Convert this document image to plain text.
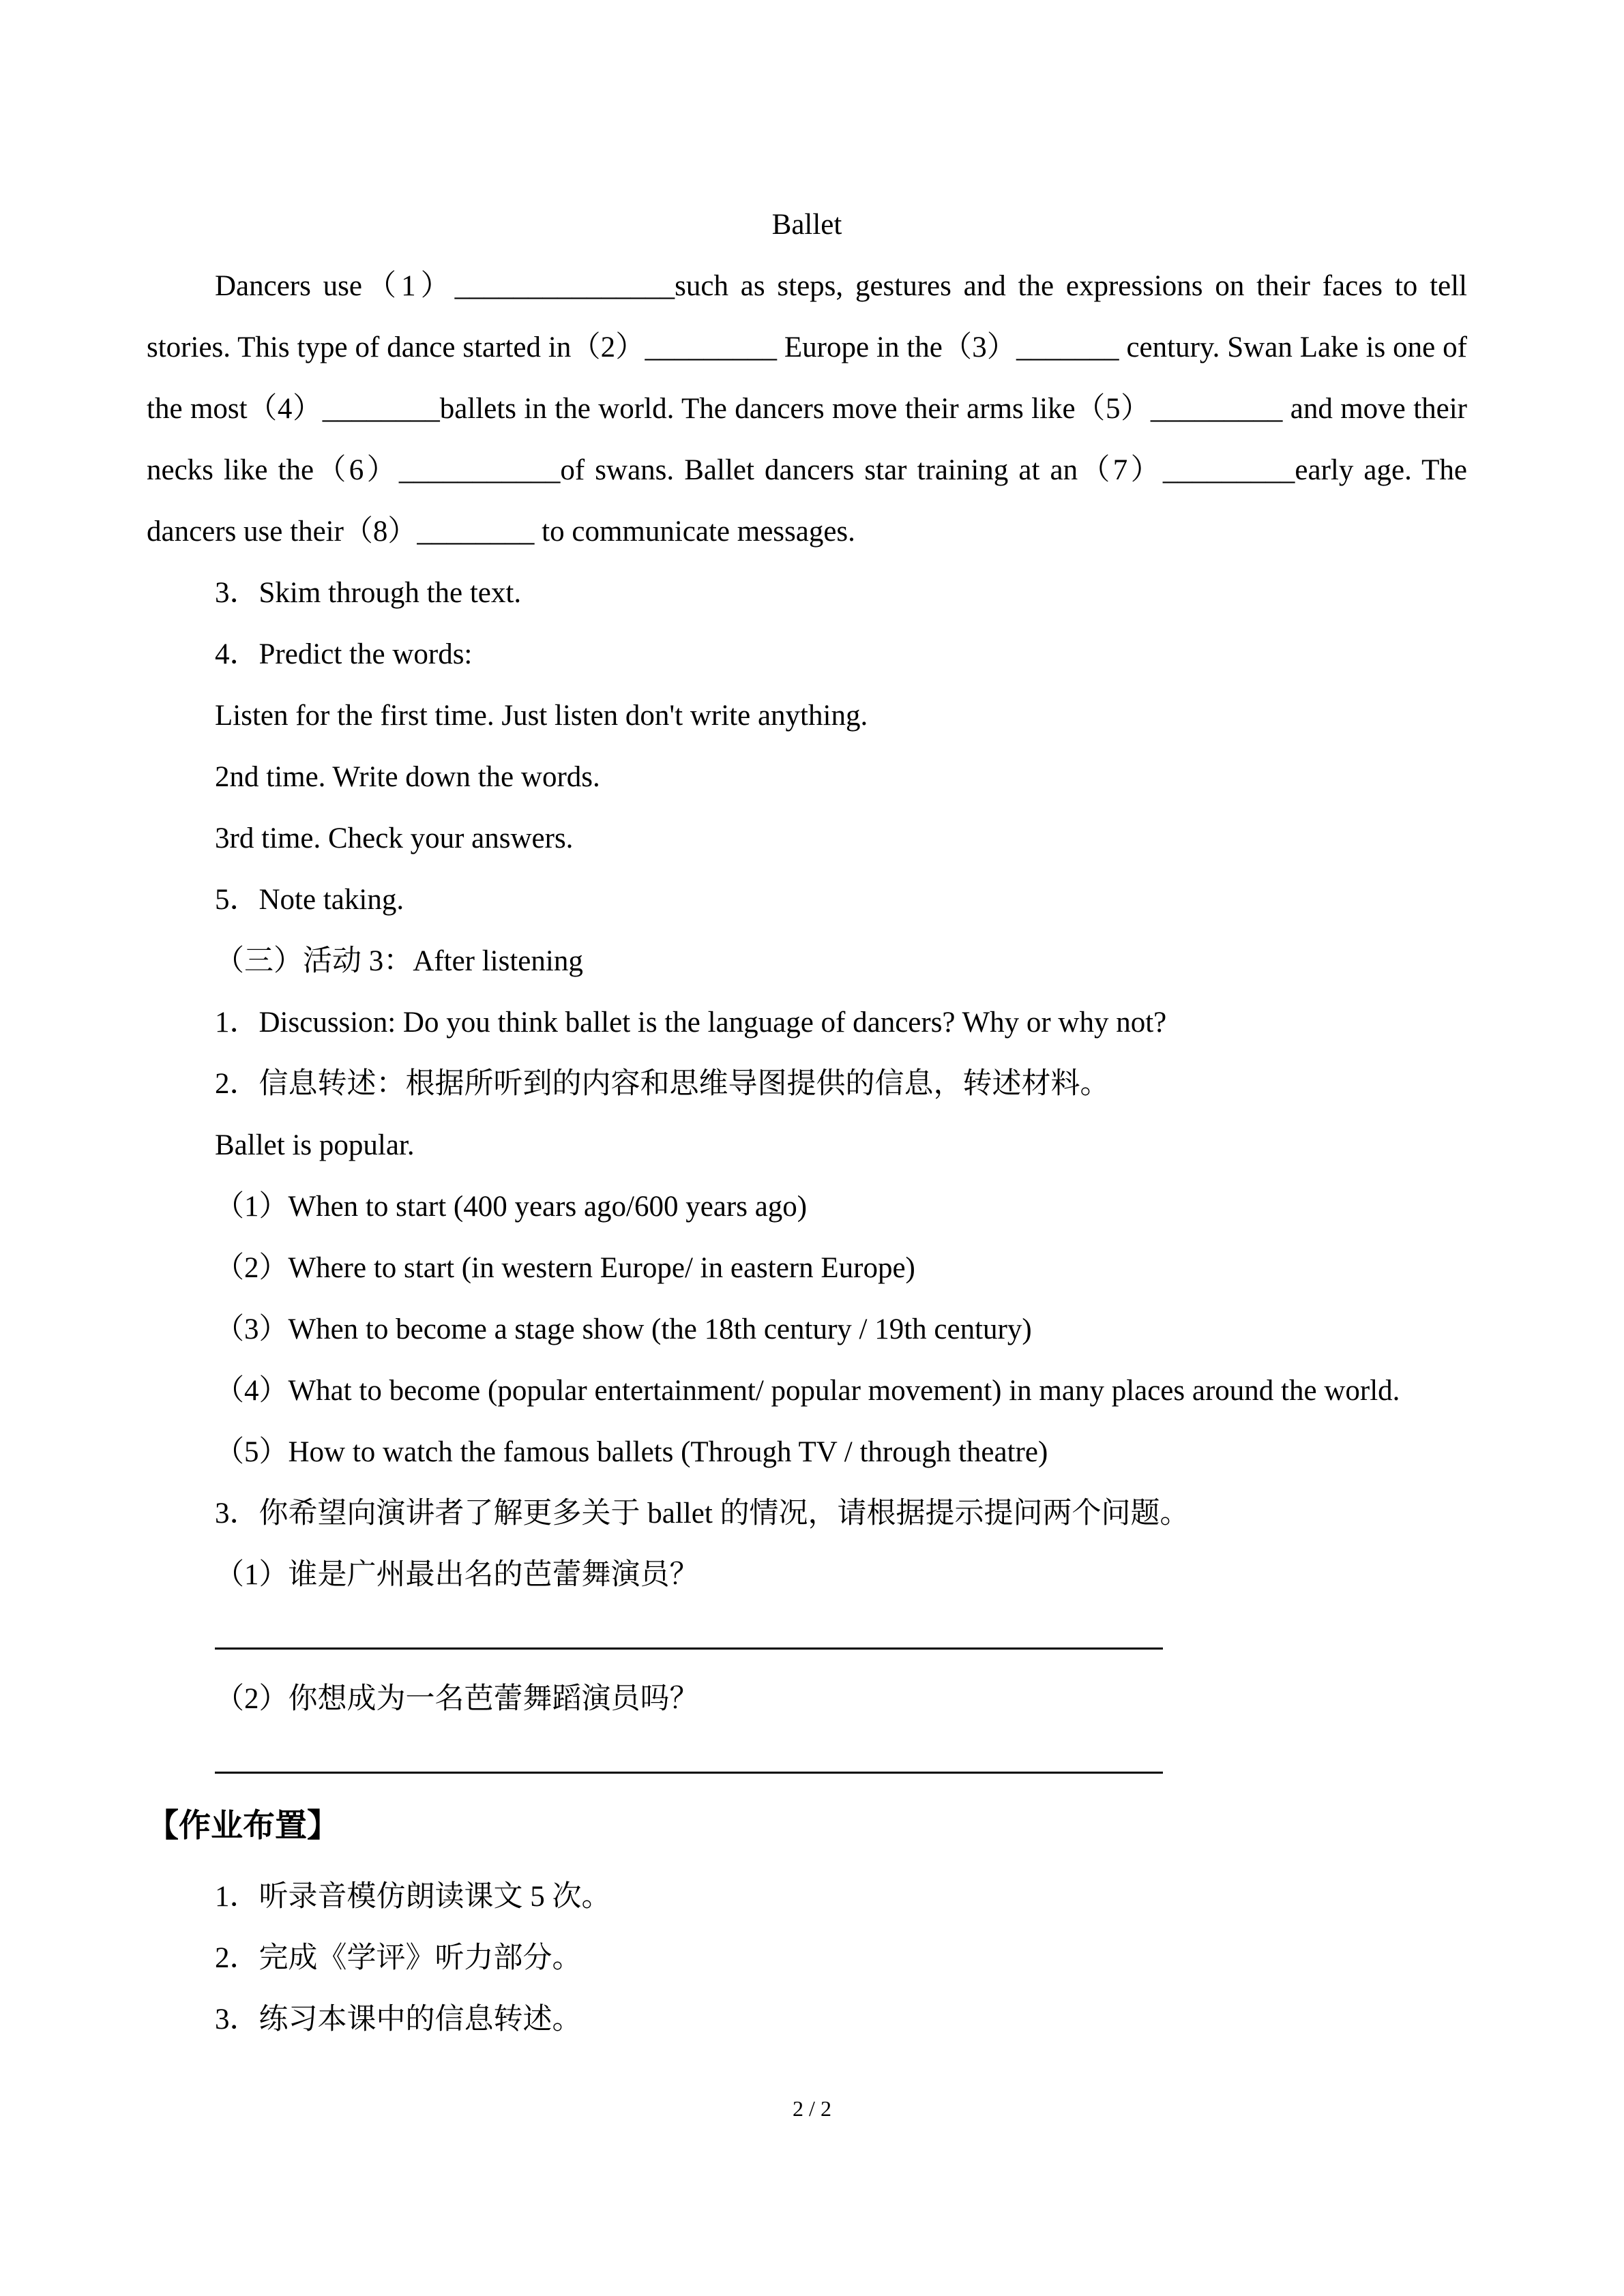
Ballet

Dancers use（1）_______________such as steps, gestures and the expressions on their faces to tell stories. This type of dance started in（2）_________ Europe in the（3）_______ century. Swan Lake is one of the most（4）________ballets in the world. The dancers move their arms like（5）_________ and move their necks like the（6）___________of swans. Ballet dancers star training at an（7）_________early age. The dancers use their（8）________ to communicate messages.

3．Skim through the text.

4．Predict the words:

Listen for the first time. Just listen don't write anything.

2nd time. Write down the words.

3rd time. Check your answers.

5．Note taking.

（三）活动 3：After listening

1．Discussion: Do you think ballet is the language of dancers? Why or why not?

2．信息转述：根据所听到的内容和思维导图提供的信息，转述材料。

Ballet is popular.

（1）When to start (400 years ago/600 years ago)

（2）Where to start (in western Europe/ in eastern Europe)

（3）When to become a stage show (the 18th century / 19th century)

（4）What to become (popular entertainment/ popular movement) in many places around the world.

（5）How to watch the famous ballets (Through TV / through theatre)

3．你希望向演讲者了解更多关于 ballet 的情况，请根据提示提问两个问题。

（1）谁是广州最出名的芭蕾舞演员？

（2）你想成为一名芭蕾舞蹈演员吗？

【作业布置】

1．听录音模仿朗读课文 5 次。

2．完成《学评》听力部分。

3．练习本课中的信息转述。

2 / 2
